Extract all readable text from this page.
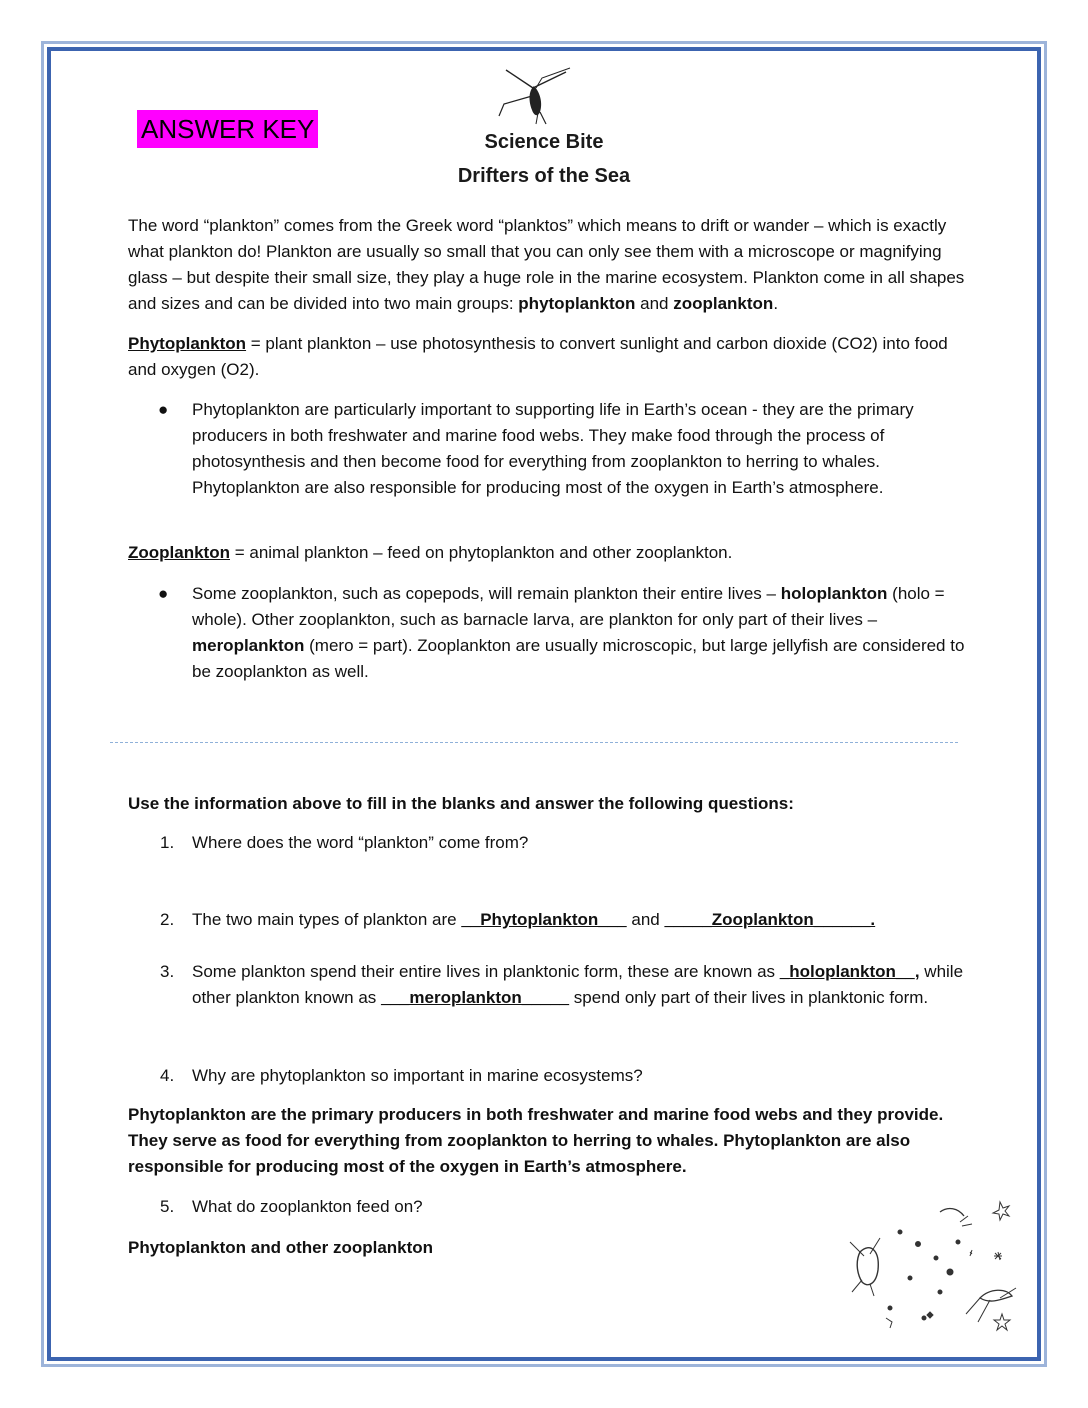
ANSWER KEY	Science Bite
Drifters of the Sea

The word “plankton” comes from the Greek word “planktos” which means to drift or wander – which is exactly what plankton do! Plankton are usually so small that you can only see them with a microscope or magnifying glass – but despite their small size, they play a huge role in the marine ecosystem. Plankton come in all shapes and sizes and can be divided into two main groups: phytoplankton and zooplankton.

Phytoplankton = plant plankton – use photosynthesis to convert sunlight and carbon dioxide (CO2) into food and oxygen (O2).

●	Phytoplankton are particularly important to supporting life in Earth’s ocean - they are the primary producers in both freshwater and marine food webs. They make food through the process of photosynthesis and then become food for everything from zooplankton to herring to whales. Phytoplankton are also responsible for producing most of the oxygen in Earth’s atmosphere.

Zooplankton = animal plankton – feed on phytoplankton and other zooplankton.

●	Some zooplankton, such as copepods, will remain plankton their entire lives – holoplankton (holo = whole). Other zooplankton, such as barnacle larva, are plankton for only part of their lives – meroplankton (mero = part). Zooplankton are usually microscopic, but large jellyfish are considered to be zooplankton as well.

Use the information above to fill in the blanks and answer the following questions:

1. Where does the word “plankton” come from?
2. The two main types of plankton are __Phytoplankton___ and _____Zooplankton______.
3. Some plankton spend their entire lives in planktonic form, these are known as _holoplankton__, while other plankton known as ___meroplankton_____ spend only part of their lives in planktonic form.
4. Why are phytoplankton so important in marine ecosystems?
Phytoplankton are the primary producers in both freshwater and marine food webs and they provide. They serve as food for everything from zooplankton to herring to whales. Phytoplankton are also responsible for producing most of the oxygen in Earth’s atmosphere.
5. What do zooplankton feed on?
Phytoplankton and other zooplankton
